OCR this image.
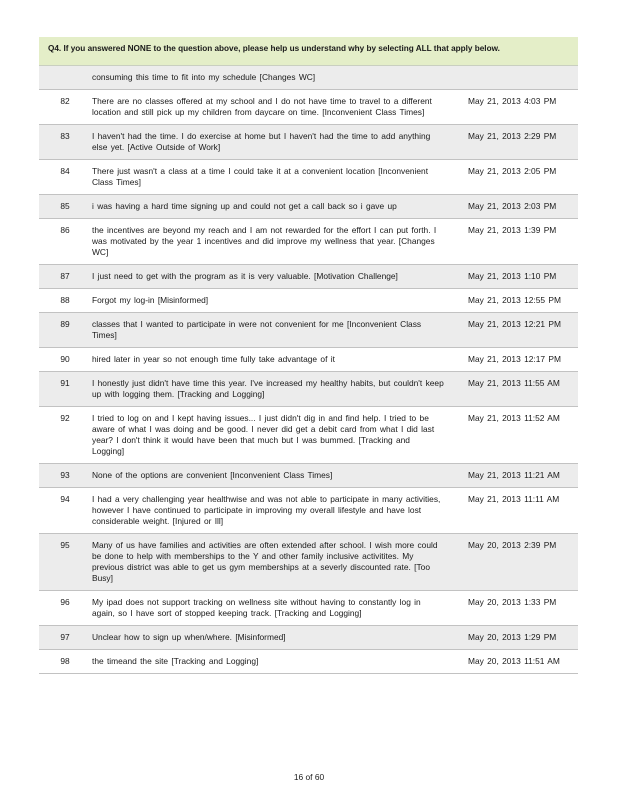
Q4. If you answered NONE to the question above, please help us understand why by selecting ALL that apply below.
consuming this time to fit into my schedule [Changes WC]
82	There are no classes offered at my school and I do not have time to travel to a different location and still pick up my children from daycare on time. [Inconvenient Class Times]
May 21, 2013 4:03 PM
83	I haven't had the time. I do exercise at home but I haven't had the time to add anything else yet. [Active Outside of Work]
May 21, 2013 2:29 PM
84	There just wasn't a class at a time I could take it at a convenient location [Inconvenient Class Times]
May 21, 2013 2:05 PM
85	i was having a hard time signing up and could not get a call back so i gave up	May 21, 2013 2:03 PM
86	the incentives are beyond my reach and I am not rewarded for the effort I can put forth. I was motivated by the year 1 incentives and did improve my wellness that year. [Changes WC]
May 21, 2013 1:39 PM
87	I just need to get with the program as it is very valuable. [Motivation Challenge]	May 21, 2013 1:10 PM
88	Forgot my log-in [Misinformed]	May 21, 2013 12:55 PM
89	classes that I wanted to participate in were not convenient for me [Inconvenient Class Times]
May 21, 2013 12:21 PM
90	hired later in year so not enough time fully take advantage of it	May 21, 2013 12:17 PM
91	I honestly just didn't have time this year. I've increased my healthy habits, but couldn't keep up with logging them. [Tracking and Logging]
May 21, 2013 11:55 AM
92	I tried to log on and I kept having issues... I just didn't dig in and find help. I tried to be aware of what I was doing and be good. I never did get a debit card from what I did last year? I don't think it would have been that much but I was bummed. [Tracking and Logging]
May 21, 2013 11:52 AM
93	None of the options are convenient [Inconvenient Class Times]	May 21, 2013 11:21 AM
94	I had a very challenging year healthwise and was not able to participate in many activities, however I have continued to participate in improving my overall lifestyle and have lost considerable weight. [Injured or Ill]
May 21, 2013 11:11 AM
95	Many of us have families and activities are often extended after school. I wish more could be done to help with memberships to the Y and other family inclusive activitites. My previous district was able to get us gym memberships at a severly discounted rate. [Too Busy]
May 20, 2013 2:39 PM
96	My ipad does not support tracking on wellness site without having to constantly log in again, so I have sort of stopped keeping track. [Tracking and Logging]
May 20, 2013 1:33 PM
97	Unclear how to sign up when/where. [Misinformed]	May 20, 2013 1:29 PM
98	the timeand the site [Tracking and Logging]	May 20, 2013 11:51 AM
16 of 60
